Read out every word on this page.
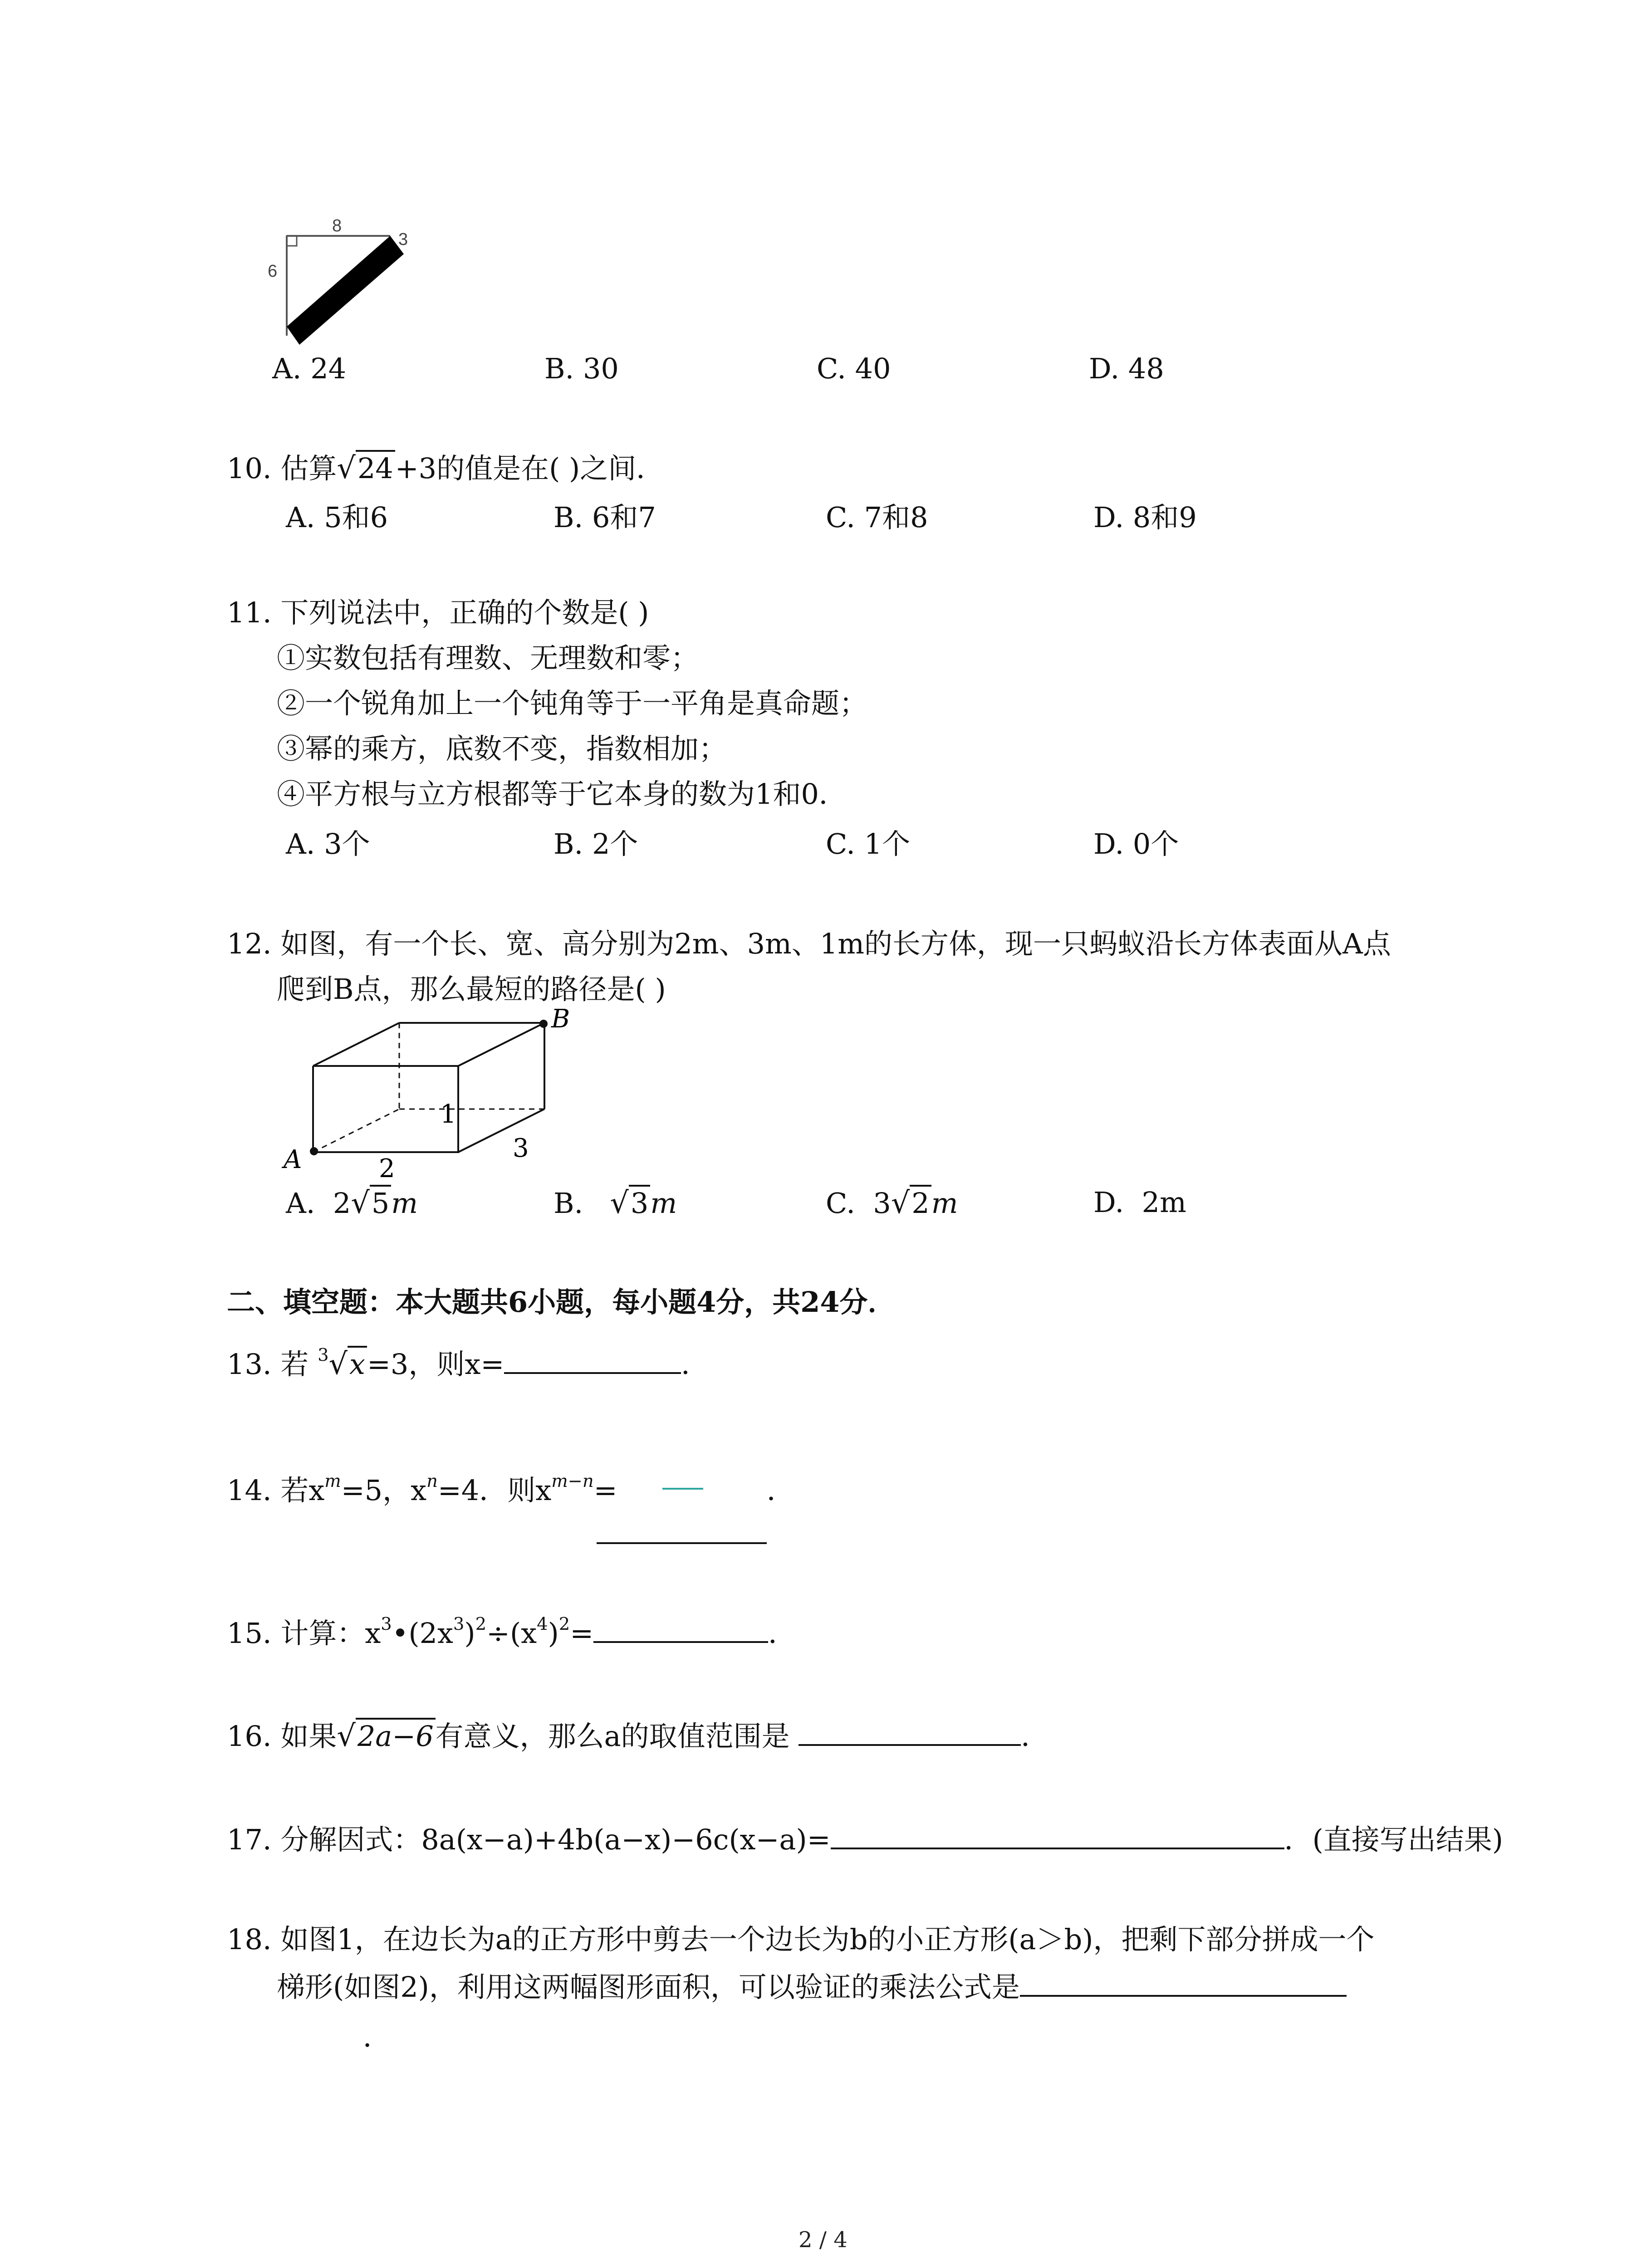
8
6
3
A. 24	B. 30	C. 40	D. 48
10. 估算√24+3的值是在( )之间．
A. 5和6	B. 6和7	C. 7和8	D. 8和9
11. 下列说法中，正确的个数是( )
①实数包括有理数、无理数和零；
②一个锐角加上一个钝角等于一平角是真命题；
③幂的乘方，底数不变，指数相加；
④平方根与立方根都等于它本身的数为1和0．
A. 3个	B. 2个	C. 1个	D. 0个
12. 如图，有一个长、宽、高分别为2m、3m、1m的长方体，现一只蚂蚁沿长方体表面从A点
爬到B点，那么最短的路径是( )
A
B
1
2
3
A. 2√5m	B. √3m	C. 3√2m	D. 2m
二、填空题：本大题共6小题，每小题4分，共24分．
13. 若 $^3$√x=3，则x=	．
14. 若$x^m=5$，$x^n=4$．则$x^{m-n}=$	．
15. 计算：$x^3•(2x^3)^2\div(x^4)^2=$	．
16. 如果√2a−6有意义，那么a的取值范围是	．
17. 分解因式：8a(x−a)+4b(a−x)−6c(x−a)=	．(直接写出结果)
18. 如图1，在边长为a的正方形中剪去一个边长为b的小正方形(a＞b)，把剩下部分拼成一个
梯形(如图2)，利用这两幅图形面积，可以验证的乘法公式是
．
2 / 4
